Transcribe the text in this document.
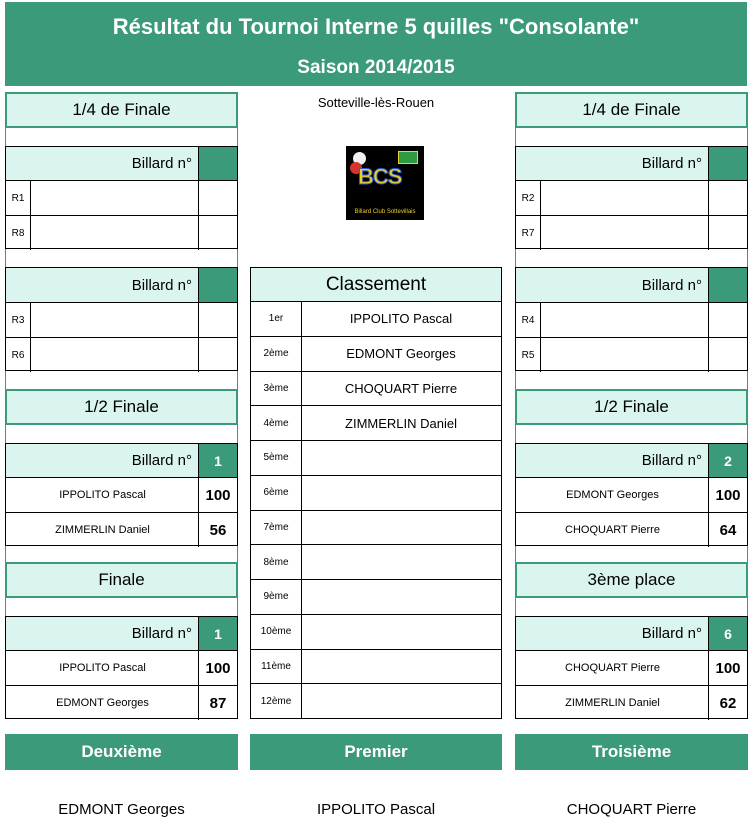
Résultat du Tournoi Interne 5 quilles "Consolante"
Saison 2014/2015
Sotteville-lès-Rouen
BCS
Billard Club Sottevillais
1/4 de Finale
Billard n°
R1
R8
Billard n°
R3
R6
1/2 Finale
Billard n°	1
IPPOLITO Pascal	100
ZIMMERLIN Daniel	56
Finale
Billard n°	1
IPPOLITO Pascal	100
EDMONT Georges	87
1/4 de Finale
Billard n°
R2
R7
Billard n°
R4
R5
1/2 Finale
Billard n°	2
EDMONT Georges	100
CHOQUART Pierre	64
3ème place
Billard n°	6
CHOQUART Pierre	100
ZIMMERLIN Daniel	62
Classement
1er	IPPOLITO Pascal
2ème	EDMONT Georges
3ème	CHOQUART Pierre
4ème	ZIMMERLIN Daniel
5ème
6ème
7ème
8ème
9ème
10ème
11ème
12ème
Deuxième	Premier	Troisième
EDMONT Georges	IPPOLITO Pascal	CHOQUART Pierre
